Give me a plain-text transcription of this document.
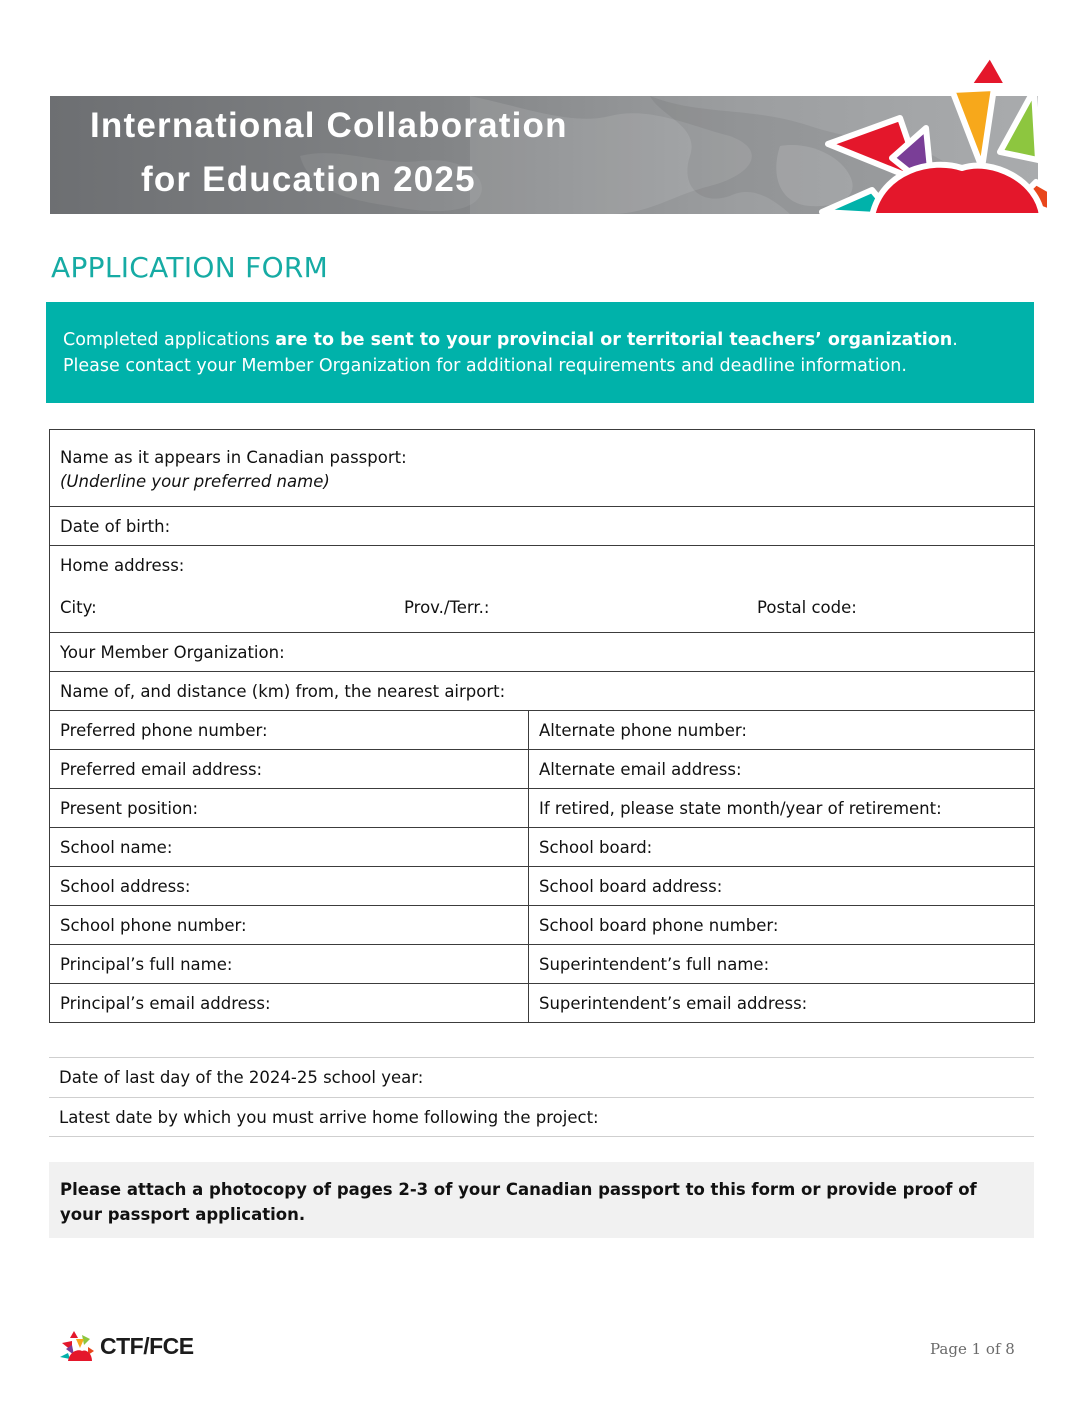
International Collaboration
for Education 2025
APPLICATION FORM
Completed applications are to be sent to your provincial or territorial teachers’ organization.
Please contact your Member Organization for additional requirements and deadline information.
Name as it appears in Canadian passport:
(Underline your preferred name)	

Date of birth:	

Home address:
City: Prov./Terr.: Postal code:	

Your Member Organization:	
Name of, and distance (km) from, the nearest airport:	
Preferred phone number:	Alternate phone number:
Preferred email address:	Alternate email address:
Present position:	If retired, please state month/year of retirement:
School name:	School board:
School address:	School board address:
School phone number:	School board phone number:
Principal’s full name:	Superintendent’s full name:
Principal’s email address:	Superintendent’s email address:
Date of last day of the 2024-25 school year:
Latest date by which you must arrive home following the project:
Please attach a photocopy of pages 2-3 of your Canadian passport to this form or provide proof of your passport application.
CTF/FCE	Page 1 of 8
